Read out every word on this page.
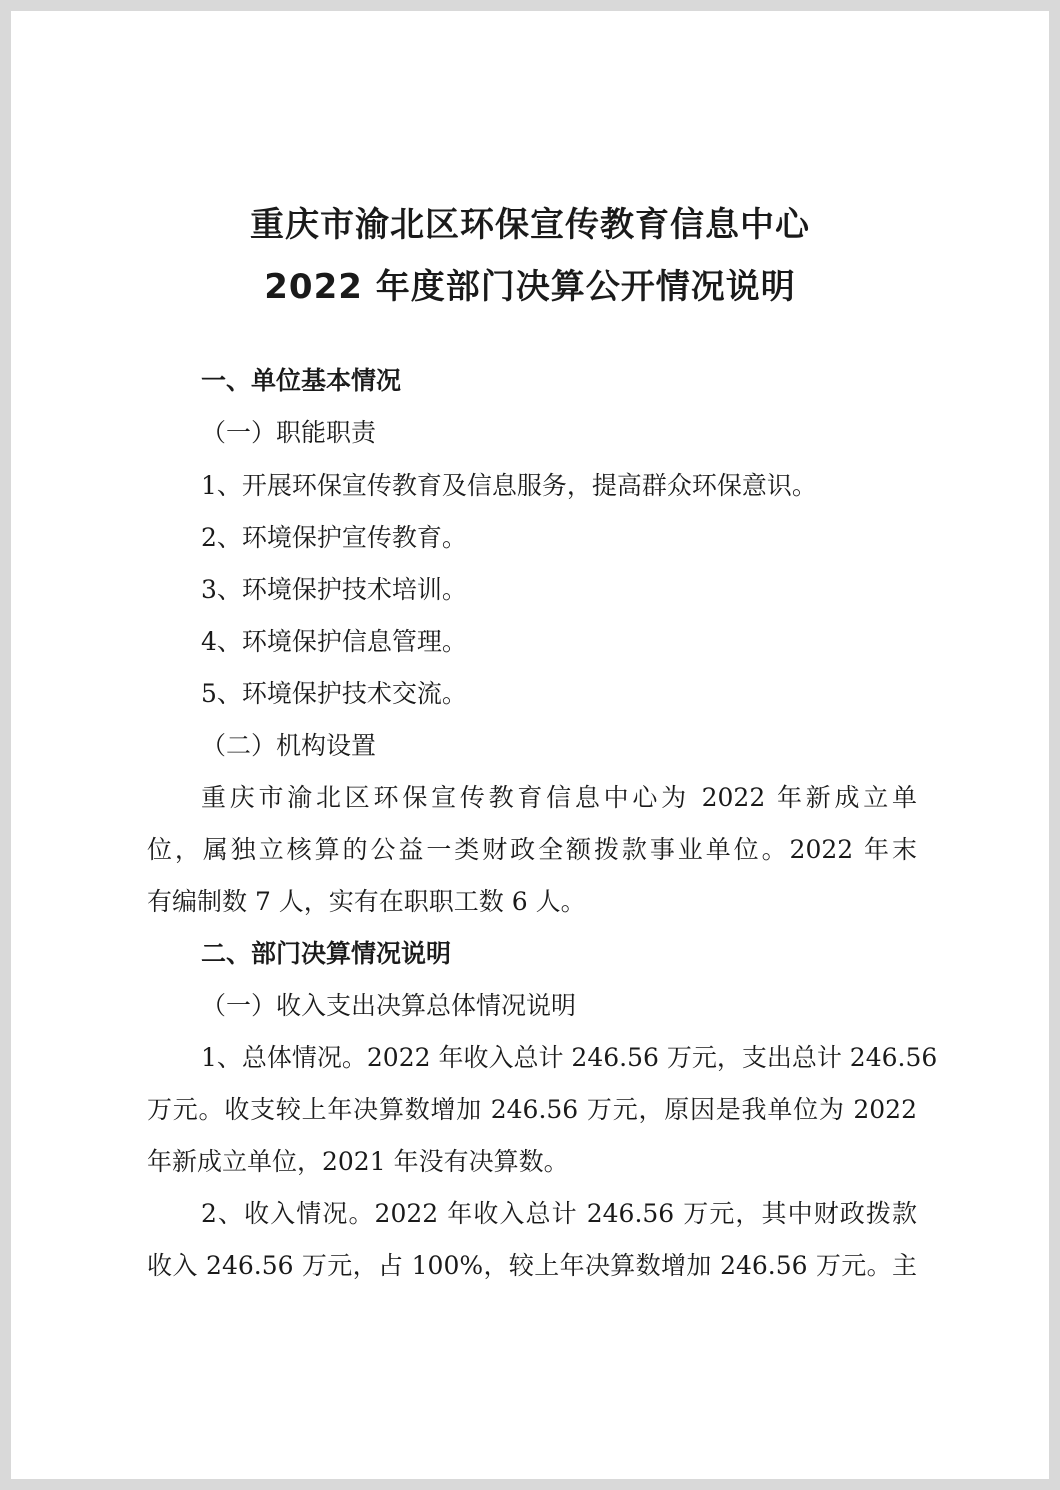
重庆市渝北区环保宣传教育信息中心
2022 年度部门决算公开情况说明
一、单位基本情况
（一）职能职责
1、开展环保宣传教育及信息服务，提高群众环保意识。
2、环境保护宣传教育。
3、环境保护技术培训。
4、环境保护信息管理。
5、环境保护技术交流。
（二）机构设置
重庆市渝北区环保宣传教育信息中心为 2022 年新成立单
位，属独立核算的公益一类财政全额拨款事业单位。2022 年末
有编制数 7 人，实有在职职工数 6 人。
二、部门决算情况说明
（一）收入支出决算总体情况说明
1、总体情况。2022 年收入总计 246.56 万元，支出总计 246.56
万元。收支较上年决算数增加 246.56 万元，原因是我单位为 2022
年新成立单位，2021 年没有决算数。
2、收入情况。2022 年收入总计 246.56 万元，其中财政拨款
收入 246.56 万元，占 100%，较上年决算数增加 246.56 万元。主
